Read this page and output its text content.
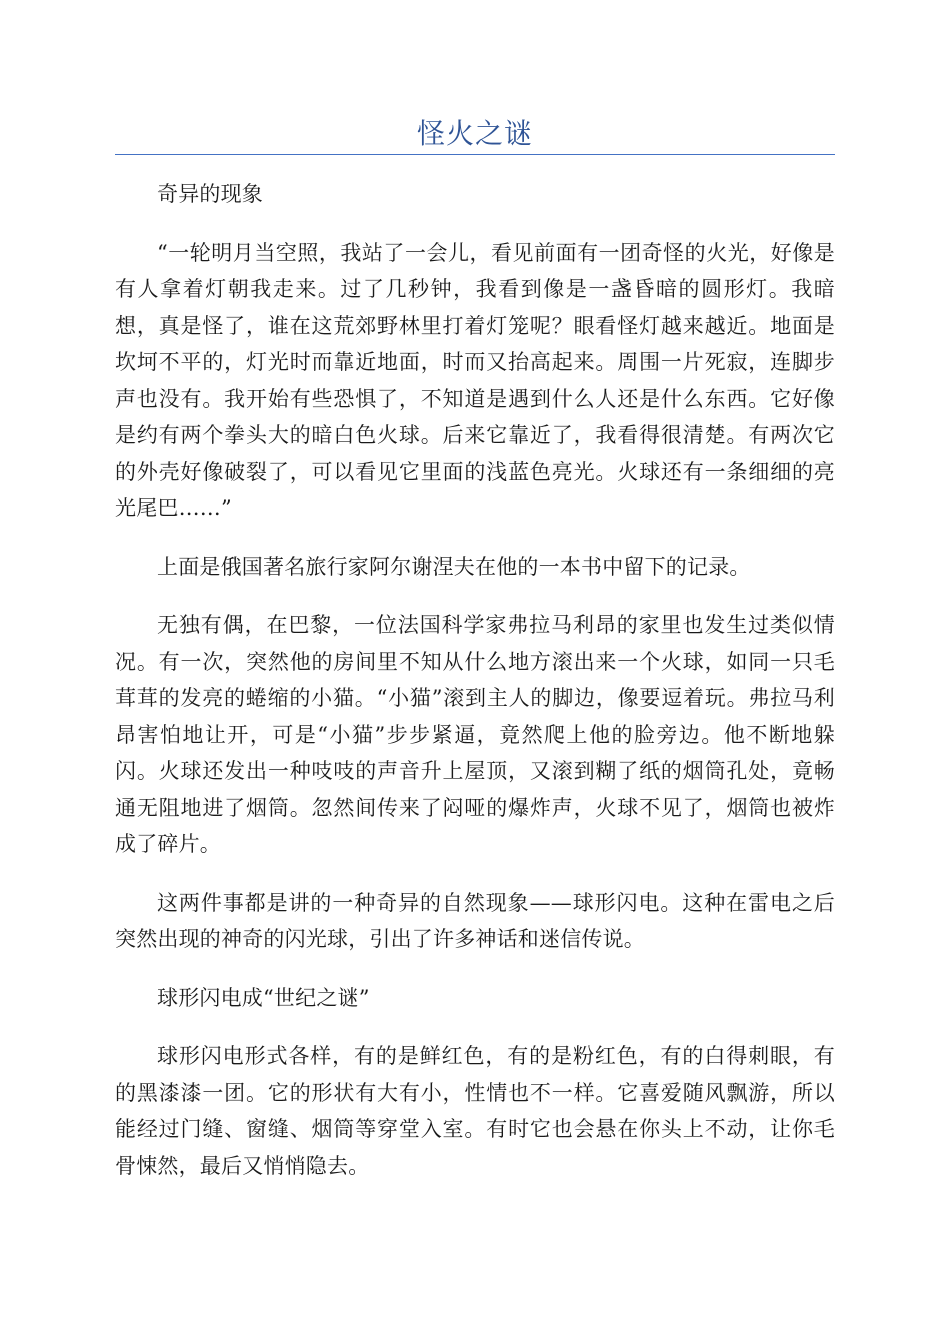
怪火之谜

奇异的现象

“一轮明月当空照，我站了一会儿，看见前面有一团奇怪的火光，好像是有人拿着灯朝我走来。过了几秒钟，我看到像是一盏昏暗的圆形灯。我暗想，真是怪了，谁在这荒郊野林里打着灯笼呢？眼看怪灯越来越近。地面是坎坷不平的，灯光时而靠近地面，时而又抬高起来。周围一片死寂，连脚步声也没有。我开始有些恐惧了，不知道是遇到什么人还是什么东西。它好像是约有两个拳头大的暗白色火球。后来它靠近了，我看得很清楚。有两次它的外壳好像破裂了，可以看见它里面的浅蓝色亮光。火球还有一条细细的亮光尾巴……”

上面是俄国著名旅行家阿尔谢涅夫在他的一本书中留下的记录。

无独有偶，在巴黎，一位法国科学家弗拉马利昂的家里也发生过类似情况。有一次，突然他的房间里不知从什么地方滚出来一个火球，如同一只毛茸茸的发亮的蜷缩的小猫。“小猫”滚到主人的脚边，像要逗着玩。弗拉马利昂害怕地让开，可是“小猫”步步紧逼，竟然爬上他的脸旁边。他不断地躲闪。火球还发出一种吱吱的声音升上屋顶，又滚到糊了纸的烟筒孔处，竟畅通无阻地进了烟筒。忽然间传来了闷哑的爆炸声，火球不见了，烟筒也被炸成了碎片。

这两件事都是讲的一种奇异的自然现象——球形闪电。这种在雷电之后突然出现的神奇的闪光球，引出了许多神话和迷信传说。

球形闪电成“世纪之谜”

球形闪电形式各样，有的是鲜红色，有的是粉红色，有的白得刺眼，有的黑漆漆一团。它的形状有大有小，性情也不一样。它喜爱随风飘游，所以能经过门缝、窗缝、烟筒等穿堂入室。有时它也会悬在你头上不动，让你毛骨悚然，最后又悄悄隐去。
